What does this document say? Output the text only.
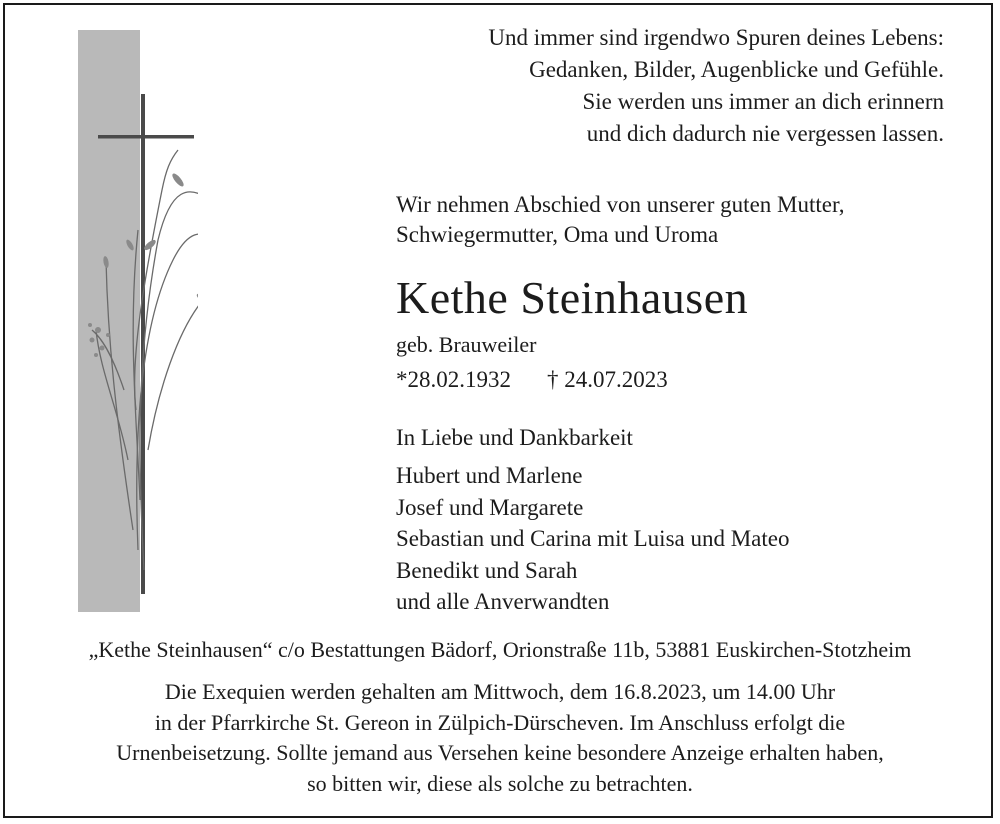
Und immer sind irgendwo Spuren deines Lebens:
Gedanken, Bilder, Augenblicke und Gefühle.
Sie werden uns immer an dich erinnern
und dich dadurch nie vergessen lassen.
Wir nehmen Abschied von unserer guten Mutter,
Schwiegermutter, Oma und Uroma
Kethe Steinhausen
geb. Brauweiler
*28.02.1932 † 24.07.2023
In Liebe und Dankbarkeit
Hubert und Marlene
Josef und Margarete
Sebastian und Carina mit Luisa und Mateo
Benedikt und Sarah
und alle Anverwandten
„Kethe Steinhausen“ c/o Bestattungen Bädorf, Orionstraße 11b, 53881 Euskirchen-Stotzheim
Die Exequien werden gehalten am Mittwoch, dem 16.8.2023, um 14.00 Uhr
in der Pfarrkirche St. Gereon in Zülpich-Dürscheven. Im Anschluss erfolgt die
Urnenbeisetzung. Sollte jemand aus Versehen keine besondere Anzeige erhalten haben,
so bitten wir, diese als solche zu betrachten.
